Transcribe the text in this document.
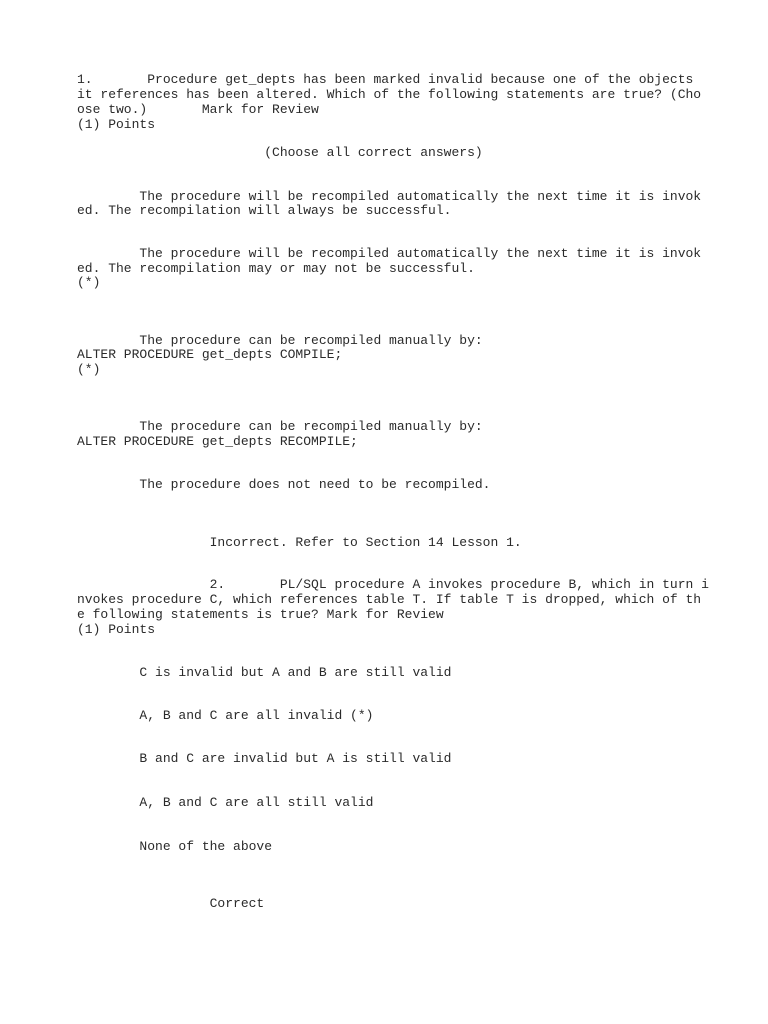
1.       Procedure get_depts has been marked invalid because one of the objects

it references has been altered. Which of the following statements are true? (Cho

ose two.)       Mark for Review

(1) Points

(Choose all correct answers)

The procedure will be recompiled automatically the next time it is invok

ed. The recompilation will always be successful.

The procedure will be recompiled automatically the next time it is invok

ed. The recompilation may or may not be successful.

(*)

The procedure can be recompiled manually by:

ALTER PROCEDURE get_depts COMPILE;

(*)

The procedure can be recompiled manually by:

ALTER PROCEDURE get_depts RECOMPILE;

The procedure does not need to be recompiled.

Incorrect. Refer to Section 14 Lesson 1.

2.       PL/SQL procedure A invokes procedure B, which in turn i

nvokes procedure C, which references table T. If table T is dropped, which of th

e following statements is true? Mark for Review

(1) Points

C is invalid but A and B are still valid

A, B and C are all invalid (*)

B and C are invalid but A is still valid

A, B and C are all still valid

None of the above

Correct
